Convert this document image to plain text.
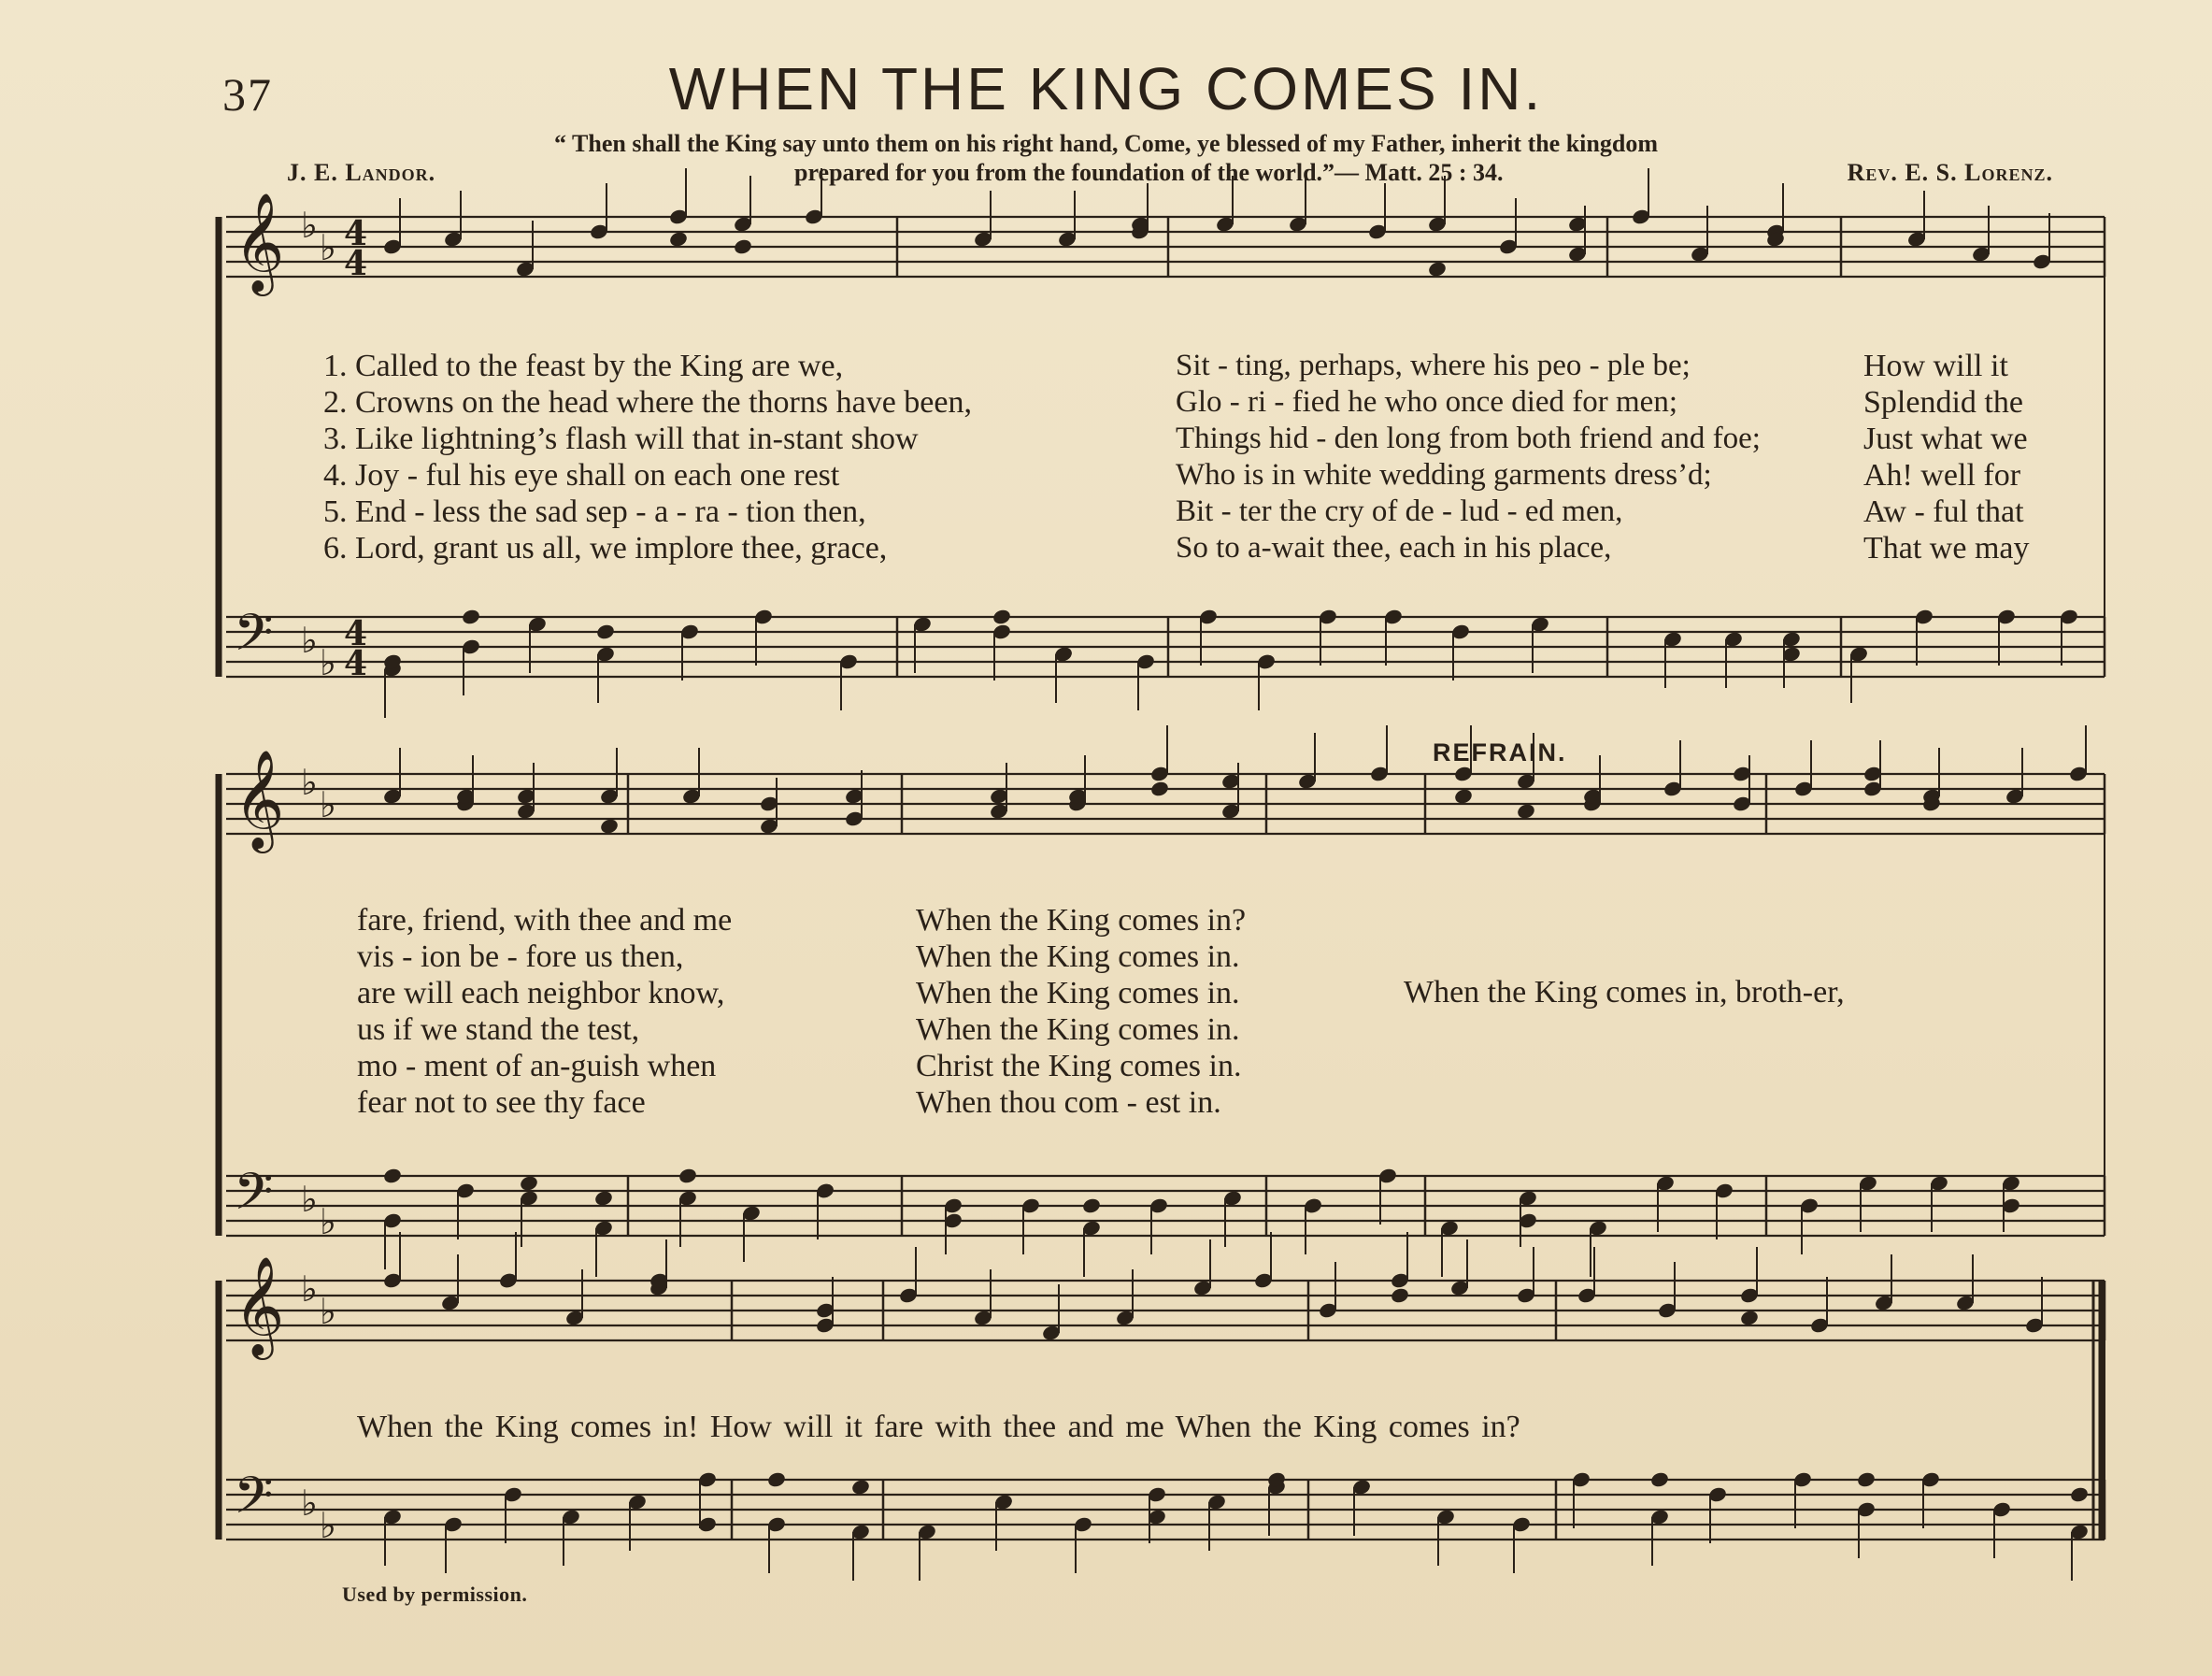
37	WHEN THE KING COMES IN.
“ Then shall the King say unto them on his right hand, Come, ye blessed of my Father, inherit the kingdom
J. E. Landor.	prepared for you from the foundation of the world.”— Matt. 25 : 34.	Rev. E. S. Lorenz.
𝄞 ♭
♭ 4
4
𝄢 ♭
♭
4
4
𝄞 ♭
♭
𝄢 ♭
♭
𝄞 ♭
♭
𝄢 ♭
♭
REFRAIN.
1. Called to the feast by the King are we,
2. Crowns on the head where the thorns have been,
3. Like lightning’s flash will that in-stant show
4. Joy - ful his eye shall on each one rest
5. End - less the sad sep - a - ra - tion then,
6. Lord, grant us all, we implore thee, grace,
Sit - ting, perhaps, where his peo - ple be;
Glo - ri - fied he who once died for men;
Things hid - den long from both friend and foe;
Who is in white wedding garments dress’d;
Bit - ter the cry of de - lud - ed men,
So to a-wait thee, each in his place,
How will it
Splendid the
Just what we
Ah! well for
Aw - ful that
That we may
fare, friend, with thee and me
vis - ion be - fore us then,
are will each neighbor know,
us if we stand the test,
mo - ment of an-guish when
fear not to see thy face
When the King comes in?
When the King comes in.
When the King comes in.
When the King comes in.
Christ the King comes in.
When thou com - est in.
When the King comes in, broth-er,
When the King comes in! How will it fare with thee and me When the King comes in?
Used by permission.
